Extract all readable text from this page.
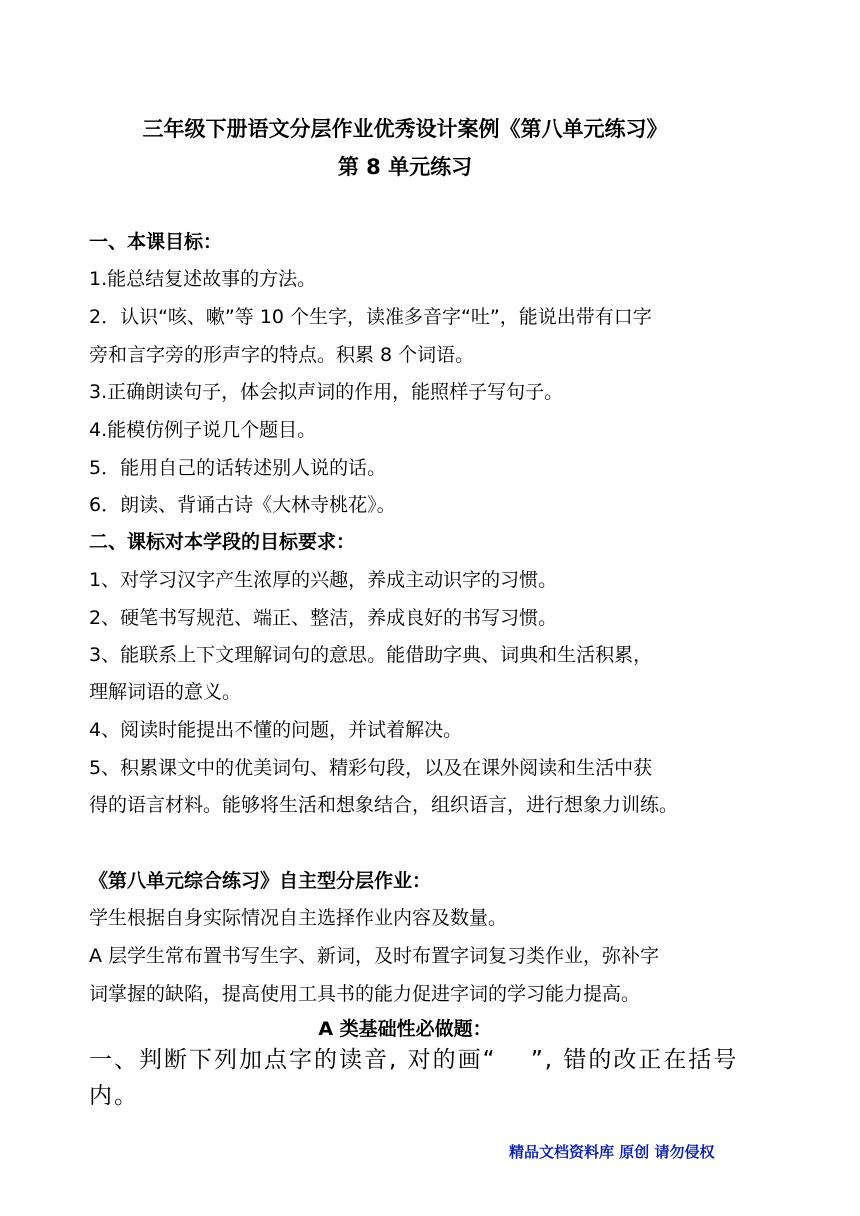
三年级下册语文分层作业优秀设计案例《第八单元练习》
第 8 单元练习
一、本课目标：
1.能总结复述故事的方法。
2．认识“咳、嗽”等 10 个生字，读准多音字“吐”，能说出带有口字
旁和言字旁的形声字的特点。积累 8 个词语。
3.正确朗读句子，体会拟声词的作用，能照样子写句子。
4.能模仿例子说几个题目。
5．能用自己的话转述别人说的话。
6．朗读、背诵古诗《大林寺桃花》。
二、课标对本学段的目标要求：
1、对学习汉字产生浓厚的兴趣，养成主动识字的习惯。
2、硬笔书写规范、端正、整洁，养成良好的书写习惯。
3、能联系上下文理解词句的意思。能借助字典、词典和生活积累，
理解词语的意义。
4、阅读时能提出不懂的问题，并试着解决。
5、积累课文中的优美词句、精彩句段，以及在课外阅读和生活中获
得的语言材料。能够将生活和想象结合，组织语言，进行想象力训练。
《第八单元综合练习》自主型分层作业：
学生根据自身实际情况自主选择作业内容及数量。
A 层学生常布置书写生字、新词，及时布置字词复习类作业，弥补字
词掌握的缺陷，提高使用工具书的能力促进字词的学习能力提高。
A 类基础性必做题：
一、判断下列加点字的读音, 对的画“　 ”, 错的改正在括号
内。
精品文档资料库 原创 请勿侵权
